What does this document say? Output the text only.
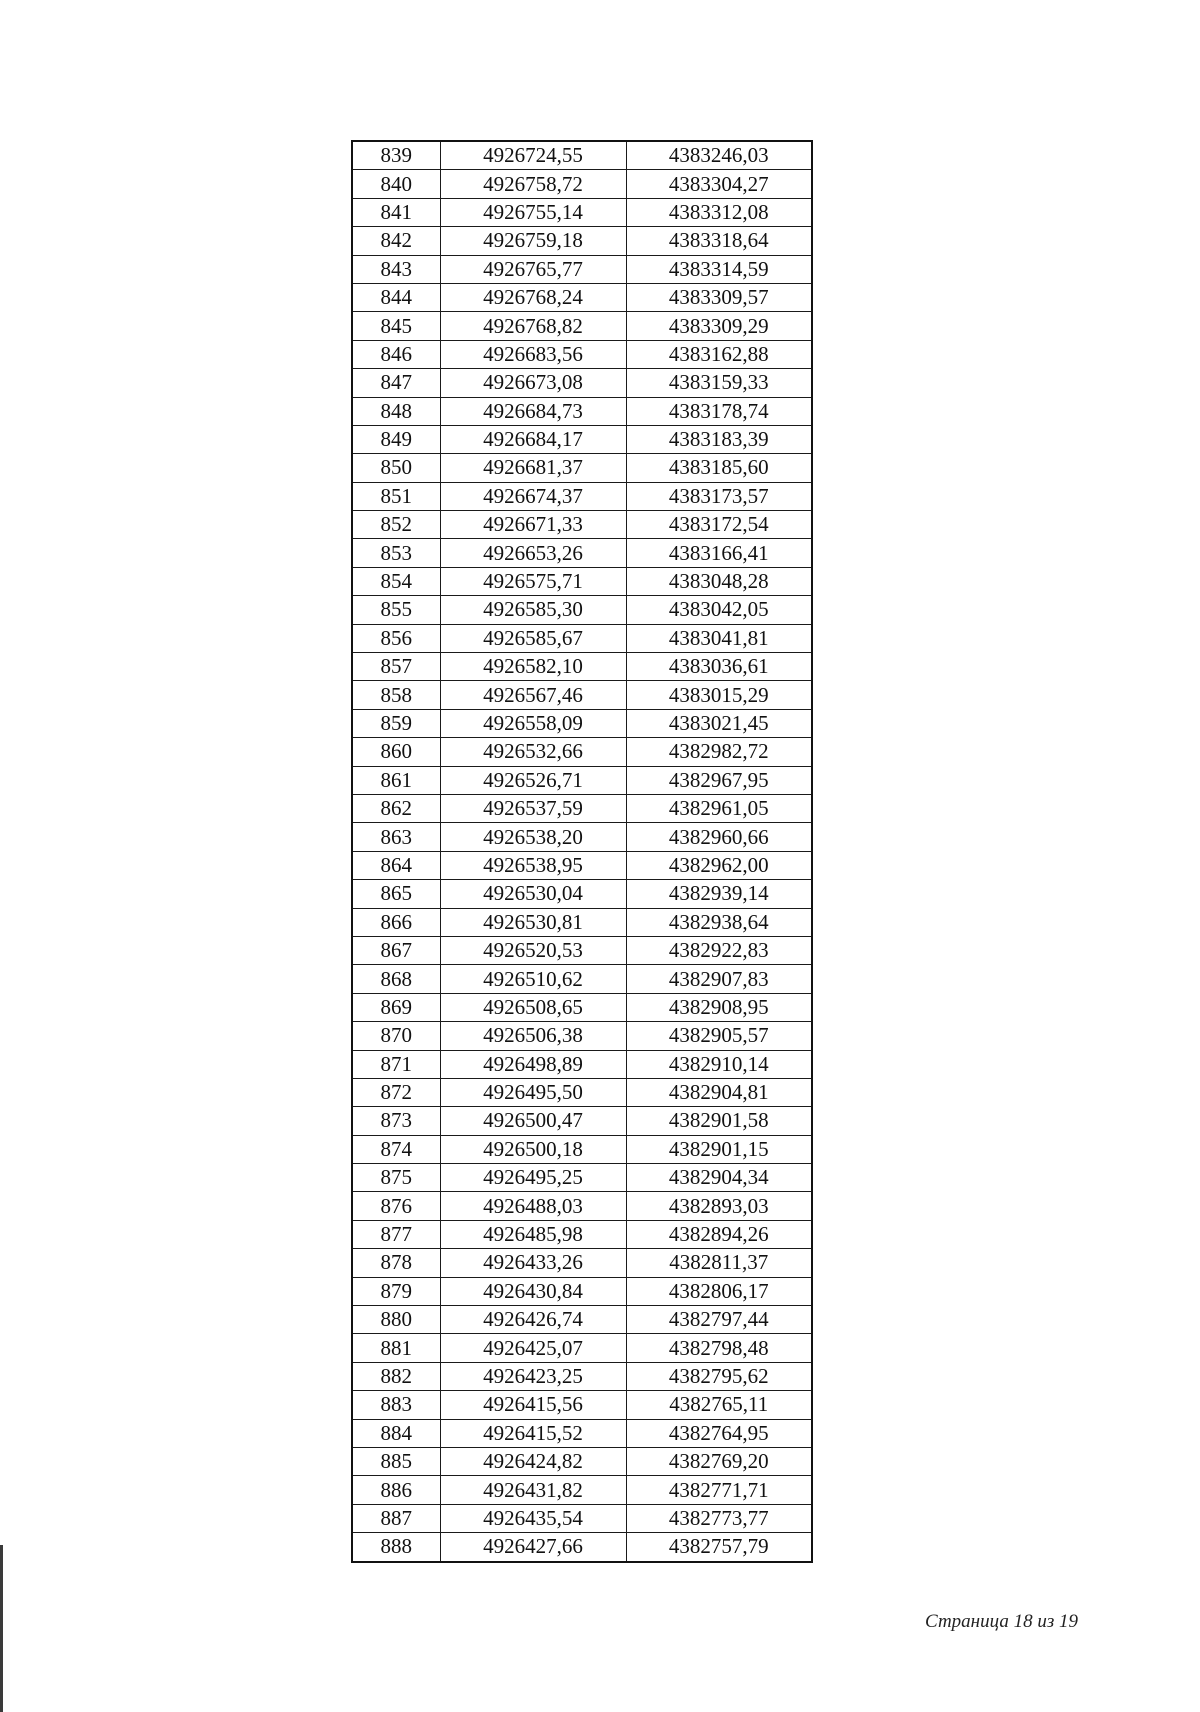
839	4926724,55	4383246,03
840	4926758,72	4383304,27
841	4926755,14	4383312,08
842	4926759,18	4383318,64
843	4926765,77	4383314,59
844	4926768,24	4383309,57
845	4926768,82	4383309,29
846	4926683,56	4383162,88
847	4926673,08	4383159,33
848	4926684,73	4383178,74
849	4926684,17	4383183,39
850	4926681,37	4383185,60
851	4926674,37	4383173,57
852	4926671,33	4383172,54
853	4926653,26	4383166,41
854	4926575,71	4383048,28
855	4926585,30	4383042,05
856	4926585,67	4383041,81
857	4926582,10	4383036,61
858	4926567,46	4383015,29
859	4926558,09	4383021,45
860	4926532,66	4382982,72
861	4926526,71	4382967,95
862	4926537,59	4382961,05
863	4926538,20	4382960,66
864	4926538,95	4382962,00
865	4926530,04	4382939,14
866	4926530,81	4382938,64
867	4926520,53	4382922,83
868	4926510,62	4382907,83
869	4926508,65	4382908,95
870	4926506,38	4382905,57
871	4926498,89	4382910,14
872	4926495,50	4382904,81
873	4926500,47	4382901,58
874	4926500,18	4382901,15
875	4926495,25	4382904,34
876	4926488,03	4382893,03
877	4926485,98	4382894,26
878	4926433,26	4382811,37
879	4926430,84	4382806,17
880	4926426,74	4382797,44
881	4926425,07	4382798,48
882	4926423,25	4382795,62
883	4926415,56	4382765,11
884	4926415,52	4382764,95
885	4926424,82	4382769,20
886	4926431,82	4382771,71
887	4926435,54	4382773,77
888	4926427,66	4382757,79
Страница 18 из 19
